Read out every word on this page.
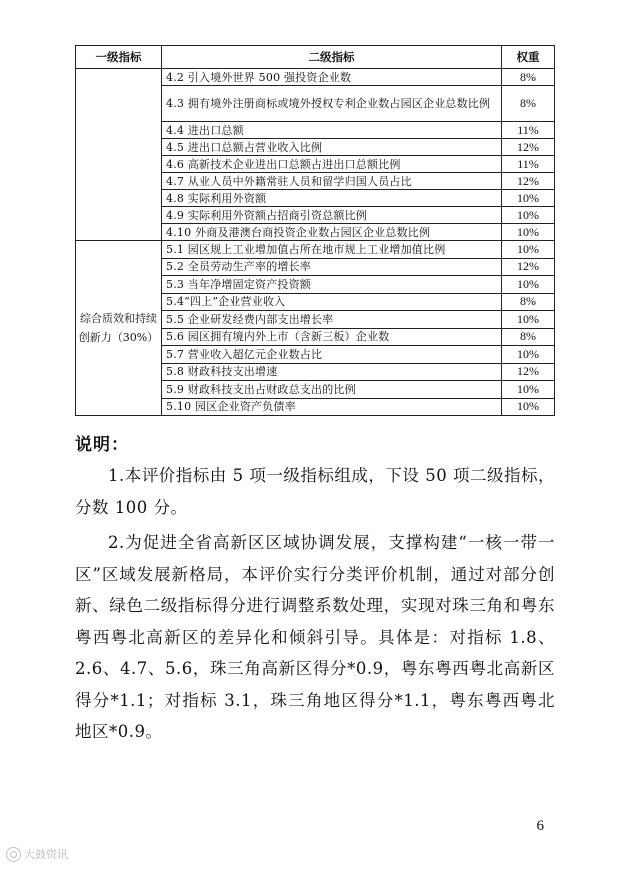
一级指标	二级指标	权重
	4.2 引入境外世界 500 强投资企业数	8%
	4.3 拥有境外注册商标或境外授权专利企业数占园区企业总数比例	8%
	4.4 进出口总额	11%
	4.5 进出口总额占营业收入比例	12%
	4.6 高新技术企业进出口总额占进出口总额比例	11%
	4.7 从业人员中外籍常驻人员和留学归国人员占比	12%
	4.8 实际利用外资额	10%
	4.9 实际利用外资额占招商引资总额比例	10%
	4.10 外商及港澳台商投资企业数占园区企业总数比例	10%
综合质效和持续创新力（30%）	5.1 园区规上工业增加值占所在地市规上工业增加值比例	10%
	5.2 全员劳动生产率的增长率	12%
	5.3 当年净增固定资产投资额	10%
	5.4“四上”企业营业收入	8%
	5.5 企业研发经费内部支出增长率	10%
	5.6 园区拥有境内外上市（含新三板）企业数	8%
	5.7 营业收入超亿元企业数占比	10%
	5.8 财政科技支出增速	12%
	5.9 财政科技支出占财政总支出的比例	10%
	5.10 园区企业资产负债率	10%
说明：
1.本评价指标由 5 项一级指标组成，下设 50 项二级指标，分数 100 分。
2.为促进全省高新区区域协调发展，支撑构建“一核一带一区”区域发展新格局，本评价实行分类评价机制，通过对部分创新、绿色二级指标得分进行调整系数处理，实现对珠三角和粤东粤西粤北高新区的差异化和倾斜引导。具体是：对指标 1.8、2.6、4.7、5.6，珠三角高新区得分*0.9，粤东粤西粤北高新区得分*1.1；对指标 3.1，珠三角地区得分*1.1，粤东粤西粤北地区*0.9。
6
大鼓资讯
